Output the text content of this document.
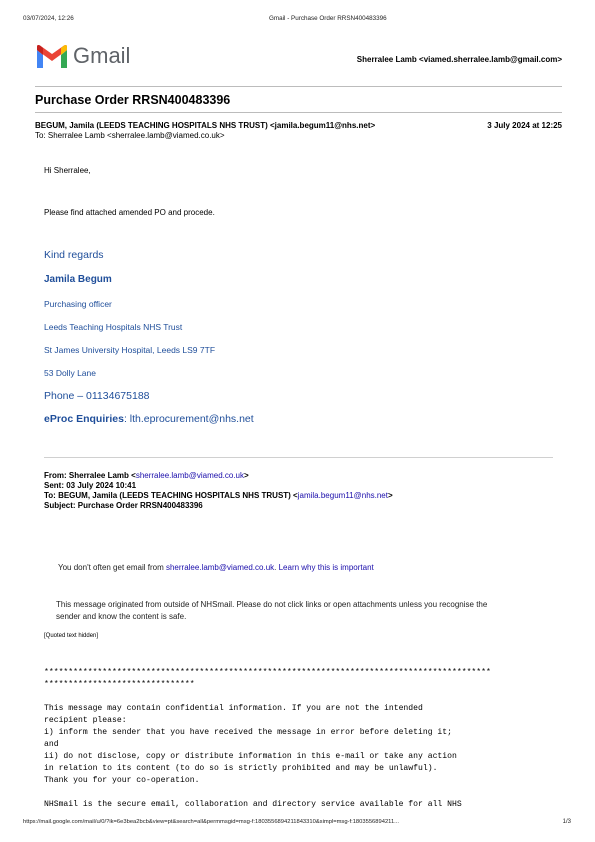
03/07/2024, 12:26	Gmail - Purchase Order RRSN400483396
Gmail	Sherralee Lamb <viamed.sherralee.lamb@gmail.com>
Purchase Order RRSN400483396
BEGUM, Jamila (LEEDS TEACHING HOSPITALS NHS TRUST) <jamila.begum11@nhs.net>	3 July 2024 at 12:25
To: Sherralee Lamb <sherralee.lamb@viamed.co.uk>
Hi Sherralee,
Please find attached amended PO and procede.
Kind regards
Jamila Begum
Purchasing officer
Leeds Teaching Hospitals NHS Trust
St James University Hospital, Leeds LS9 7TF
53 Dolly Lane
Phone – 01134675188
eProc Enquiries: lth.eprocurement@nhs.net
From: Sherralee Lamb <sherralee.lamb@viamed.co.uk>
Sent: 03 July 2024 10:41
To: BEGUM, Jamila (LEEDS TEACHING HOSPITALS NHS TRUST) <jamila.begum11@nhs.net>
Subject: Purchase Order RRSN400483396
You don't often get email from sherralee.lamb@viamed.co.uk. Learn why this is important
This message originated from outside of NHSmail. Please do not click links or open attachments unless you recognise the
sender and know the content is safe.
[Quoted text hidden]
********************************************************************************************
*******************************
This message may contain confidential information. If you are not the intended
recipient please:
i) inform the sender that you have received the message in error before deleting it;
and
ii) do not disclose, copy or distribute information in this e-mail or take any action
in relation to its content (to do so is strictly prohibited and may be unlawful).
Thank you for your co-operation.
NHSmail is the secure email, collaboration and directory service available for all NHS
https://mail.google.com/mail/u/0/?ik=6e3bea2bcb&view=pt&search=all&permmsgid=msg-f:1803556894211843310&simpl=msg-f:1803556894211...	1/3
